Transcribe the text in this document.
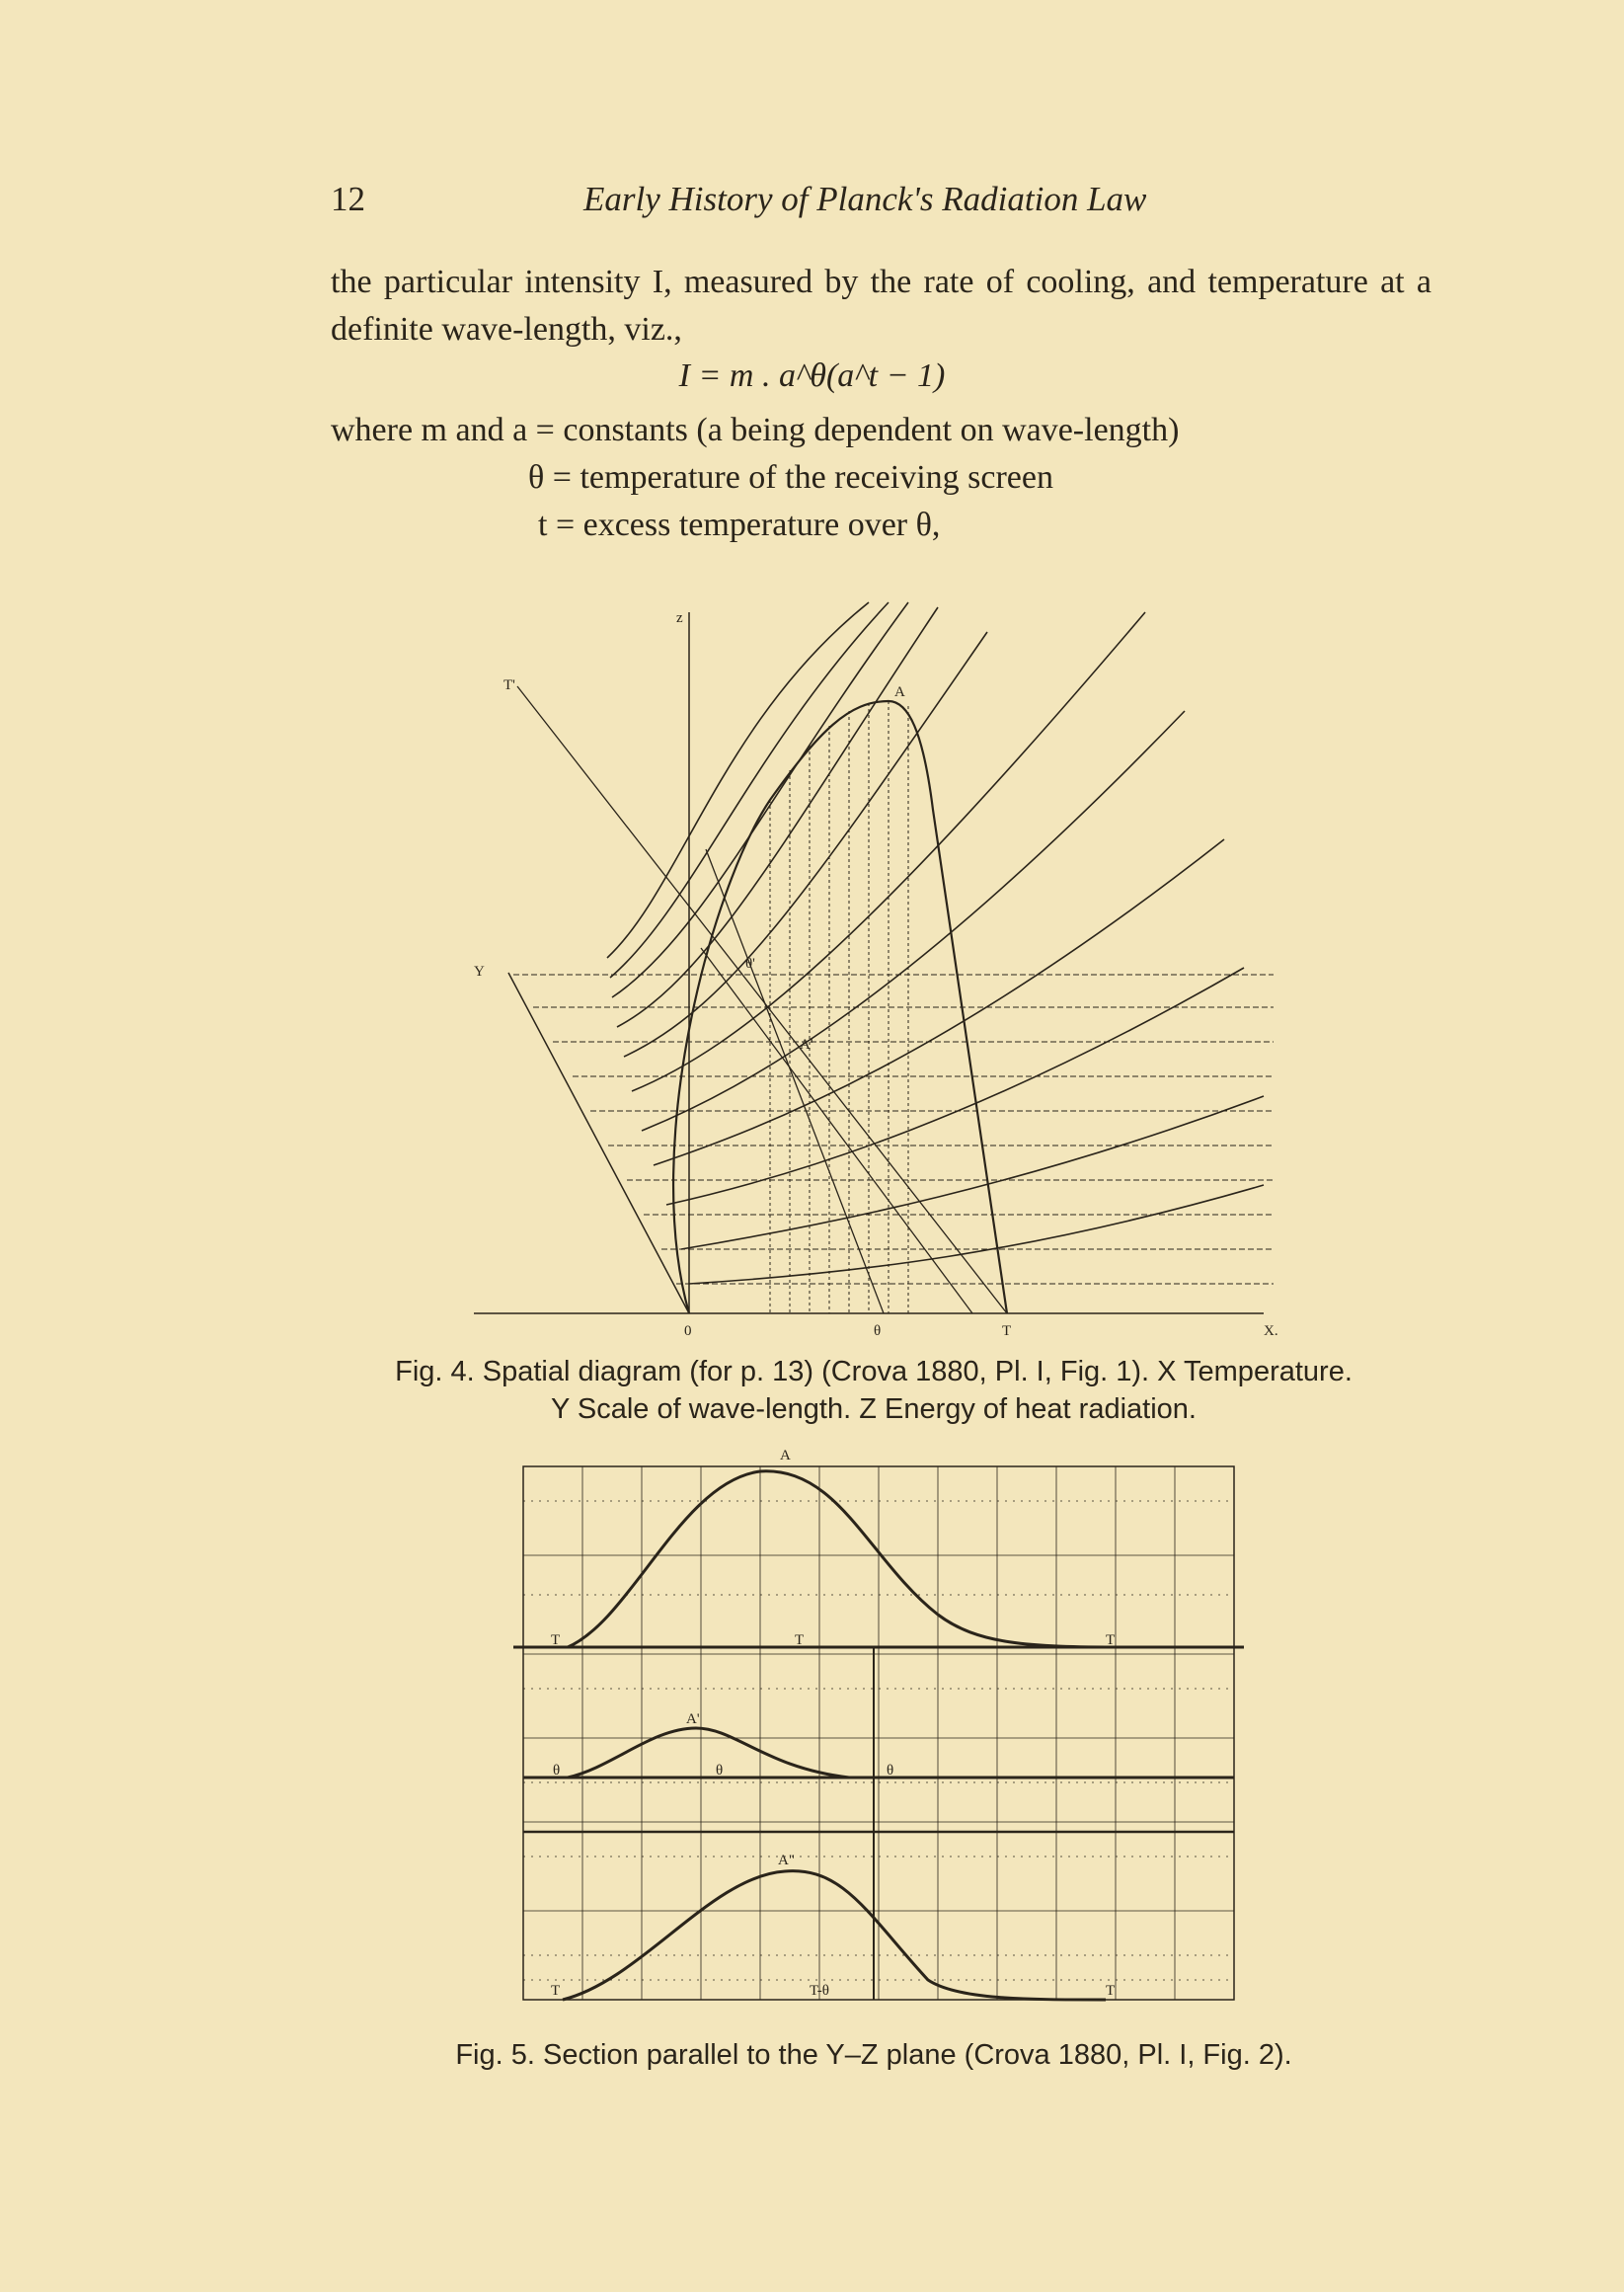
12	Early History of Planck's Radiation Law
the particular intensity I, measured by the rate of cooling, and temperature at a definite wave-length, viz.,
I = m . a^θ(a^t − 1)
where m and a = constants (a being dependent on wave-length)
θ = temperature of the receiving screen
t = excess temperature over θ,
z
Y
T'	A
θ'
A'
0	θ	T	X.
Fig. 4. Spatial diagram (for p. 13) (Crova 1880, Pl. I, Fig. 1). X Temperature.
Y Scale of wave-length. Z Energy of heat radiation.
A
T	T	T
A'
θ	θ	θ
A"
T	T-θ	T
Fig. 5. Section parallel to the Y–Z plane (Crova 1880, Pl. I, Fig. 2).
